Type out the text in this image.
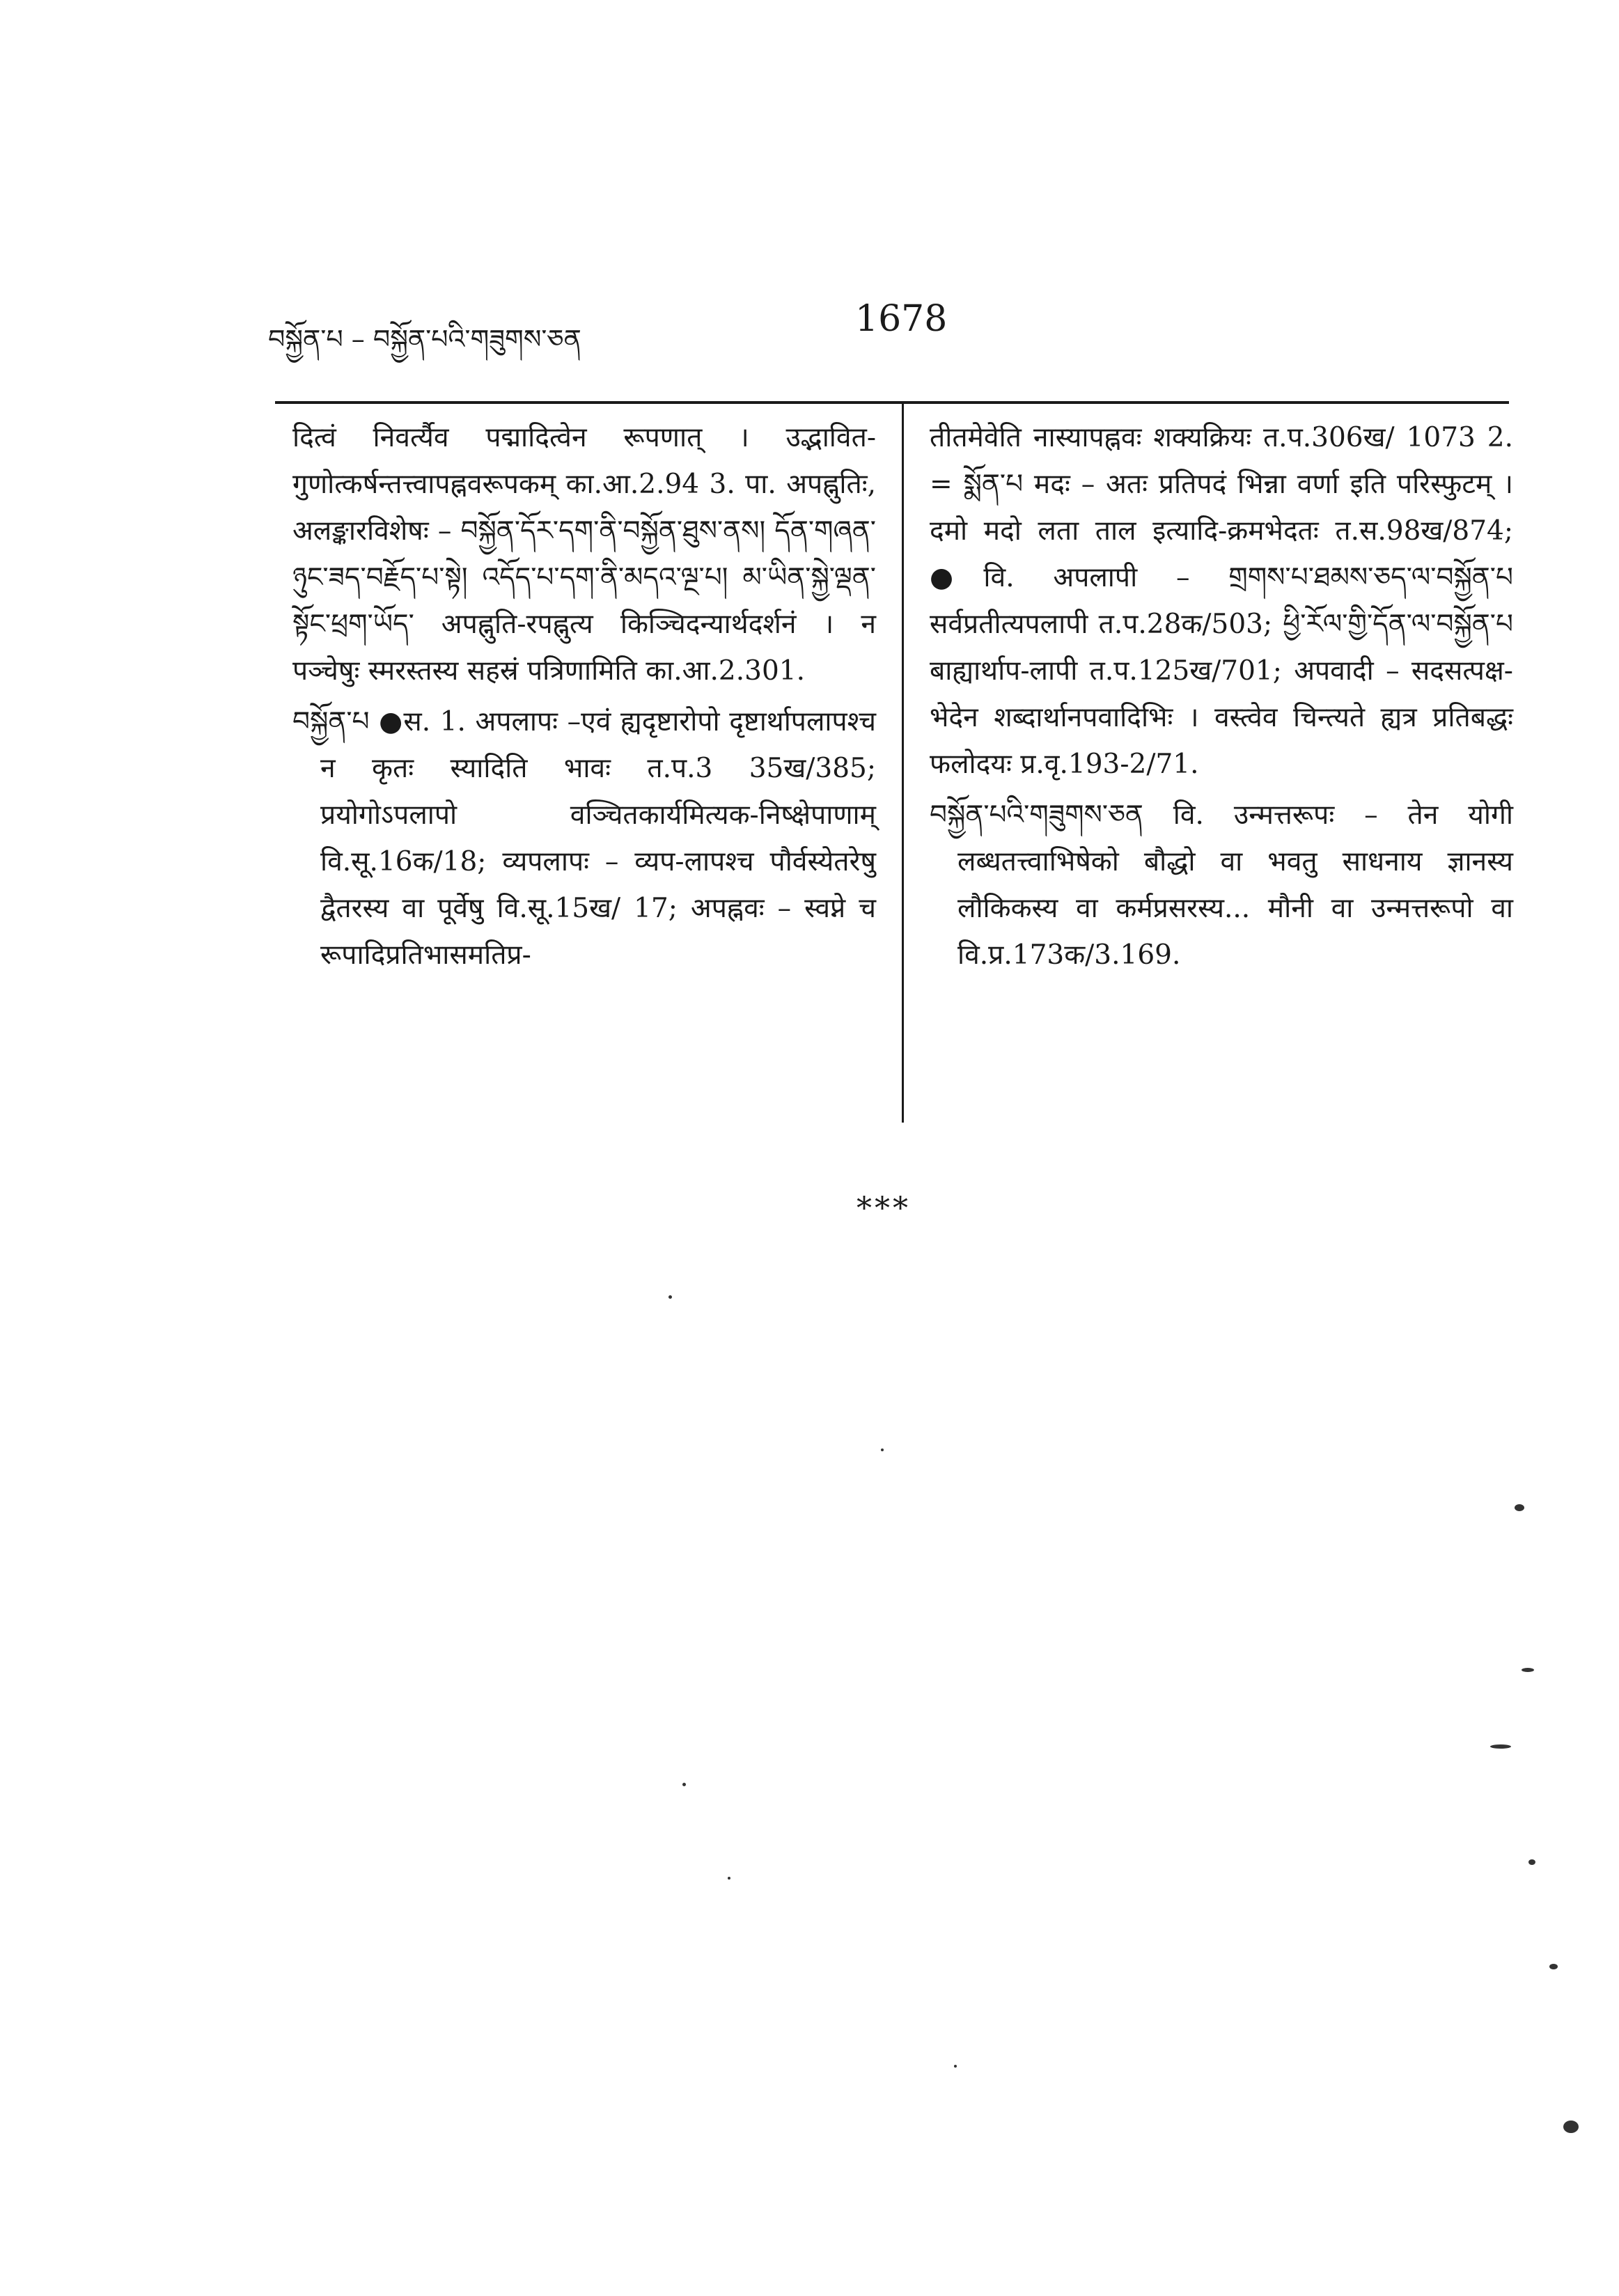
བསྐྱོན་པ – བསྐྱོན་པའི་གཟུགས་ཅན	1678

दित्वं निवर्त्यैव पद्मादित्वेन रूपणात् । उद्भावित-गुणोत्कर्षन्तत्त्वापह्नवरूपकम् का.आ.2.94 3. पा. अपह्नुतिः, अलङ्कारविशेषः – བསྐྱོན་དོར་དག་ནི་བསྐྱོན་ཐུས་ནས། དོན་གཞན་ཉུང་ཟད་བརྗོད་པ་སྟེ། འདོད་པ་དག་ནི་མདའ་ལྔ་པ། མ་ཡིན་སྐྱེ་ལྡན་སྟོང་ཕྲག་ཡོད་ अपह्नुति-रपह्नुत्य किञ्चिदन्यार्थदर्शनं । न पञ्चेषुः स्मरस्तस्य सहस्रं पत्रिणामिति का.आ.2.301.

བསྐྱོན་པ ●स. 1. अपलापः –एवं ह्यदृष्टारोपो दृष्टार्थापलापश्च न कृतः स्यादिति भावः त.प.3 35ख/385; प्रयोगोऽपलापो वञ्चितकार्यमित्यक-निष्क्षेपाणाम् वि.सू.16क/18; व्यपलापः – व्यप-लापश्च पौर्वस्येतरेषु द्वैतरस्य वा पूर्वेषु वि.सू.15ख/ 17; अपह्नवः – स्वप्ने च रूपादिप्रतिभासमतिप्र-

तीतमेवेति नास्यापह्नवः शक्यक्रियः त.प.306ख/ 1073 2. = སྨོན་པ मदः – अतः प्रतिपदं भिन्ना वर्णा इति परिस्फुटम् । दमो मदो लता ताल इत्यादि-क्रमभेदतः त.स.98ख/874; ●वि. अपलापी – གྲགས་པ་ཐམས་ཅད་ལ་བསྐྱོན་པ सर्वप्रतीत्यपलापी त.प.28क/503; ཕྱི་རོལ་གྱི་དོན་ལ་བསྐྱོན་པ बाह्यार्थाप-लापी त.प.125ख/701; अपवादी – सदसत्पक्ष-भेदेन शब्दार्थानपवादिभिः । वस्त्वेव चिन्त्यते ह्यत्र प्रतिबद्धः फलोदयः प्र.वृ.193-2/71.

བསྐྱོན་པའི་གཟུགས་ཅན वि. उन्मत्तरूपः – तेन योगी लब्धतत्त्वाभिषेको बौद्धो वा भवतु साधनाय ज्ञानस्य लौकिकस्य वा कर्मप्रसरस्य... मौनी वा उन्मत्तरूपो वा वि.प्र.173क/3.169.

***
